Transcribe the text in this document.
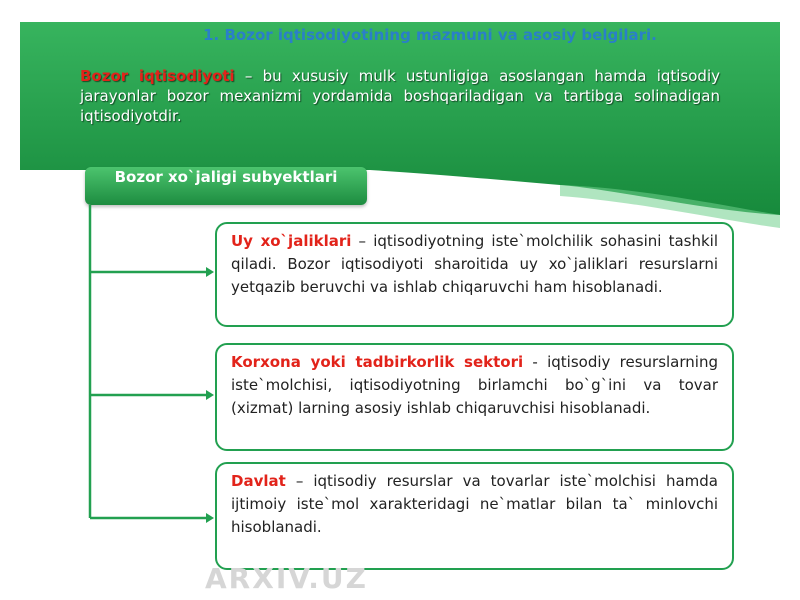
1. Bozor iqtisodiyotining mazmuni va asosiy belgilari.
Bozor iqtisodiyoti – bu xususiy mulk ustunligiga asoslangan hamda iqtisodiy jarayonlar bozor mexanizmi yordamida boshqariladigan va tartibga solinadigan iqtisodiyotdir.
Bozor xo`jaligi subyektlari
Uy xo`jaliklari – iqtisodiyotning iste`molchilik sohasini tashkil qiladi. Bozor iqtisodiyoti sharoitida uy xo`jaliklari resurslarni yetqazib beruvchi va ishlab chiqaruvchi ham hisoblanadi.
Korxona yoki tadbirkorlik sektori - iqtisodiy resurslarning iste`molchisi, iqtisodiyotning birlamchi bo`g`ini va tovar (xizmat) larning asosiy ishlab chiqaruvchisi hisoblanadi.
Davlat – iqtisodiy resurslar va tovarlar iste`molchisi hamda ijtimoiy iste`mol xarakteridagi ne`matlar bilan ta` minlovchi hisoblanadi.
ARXIV.UZ
